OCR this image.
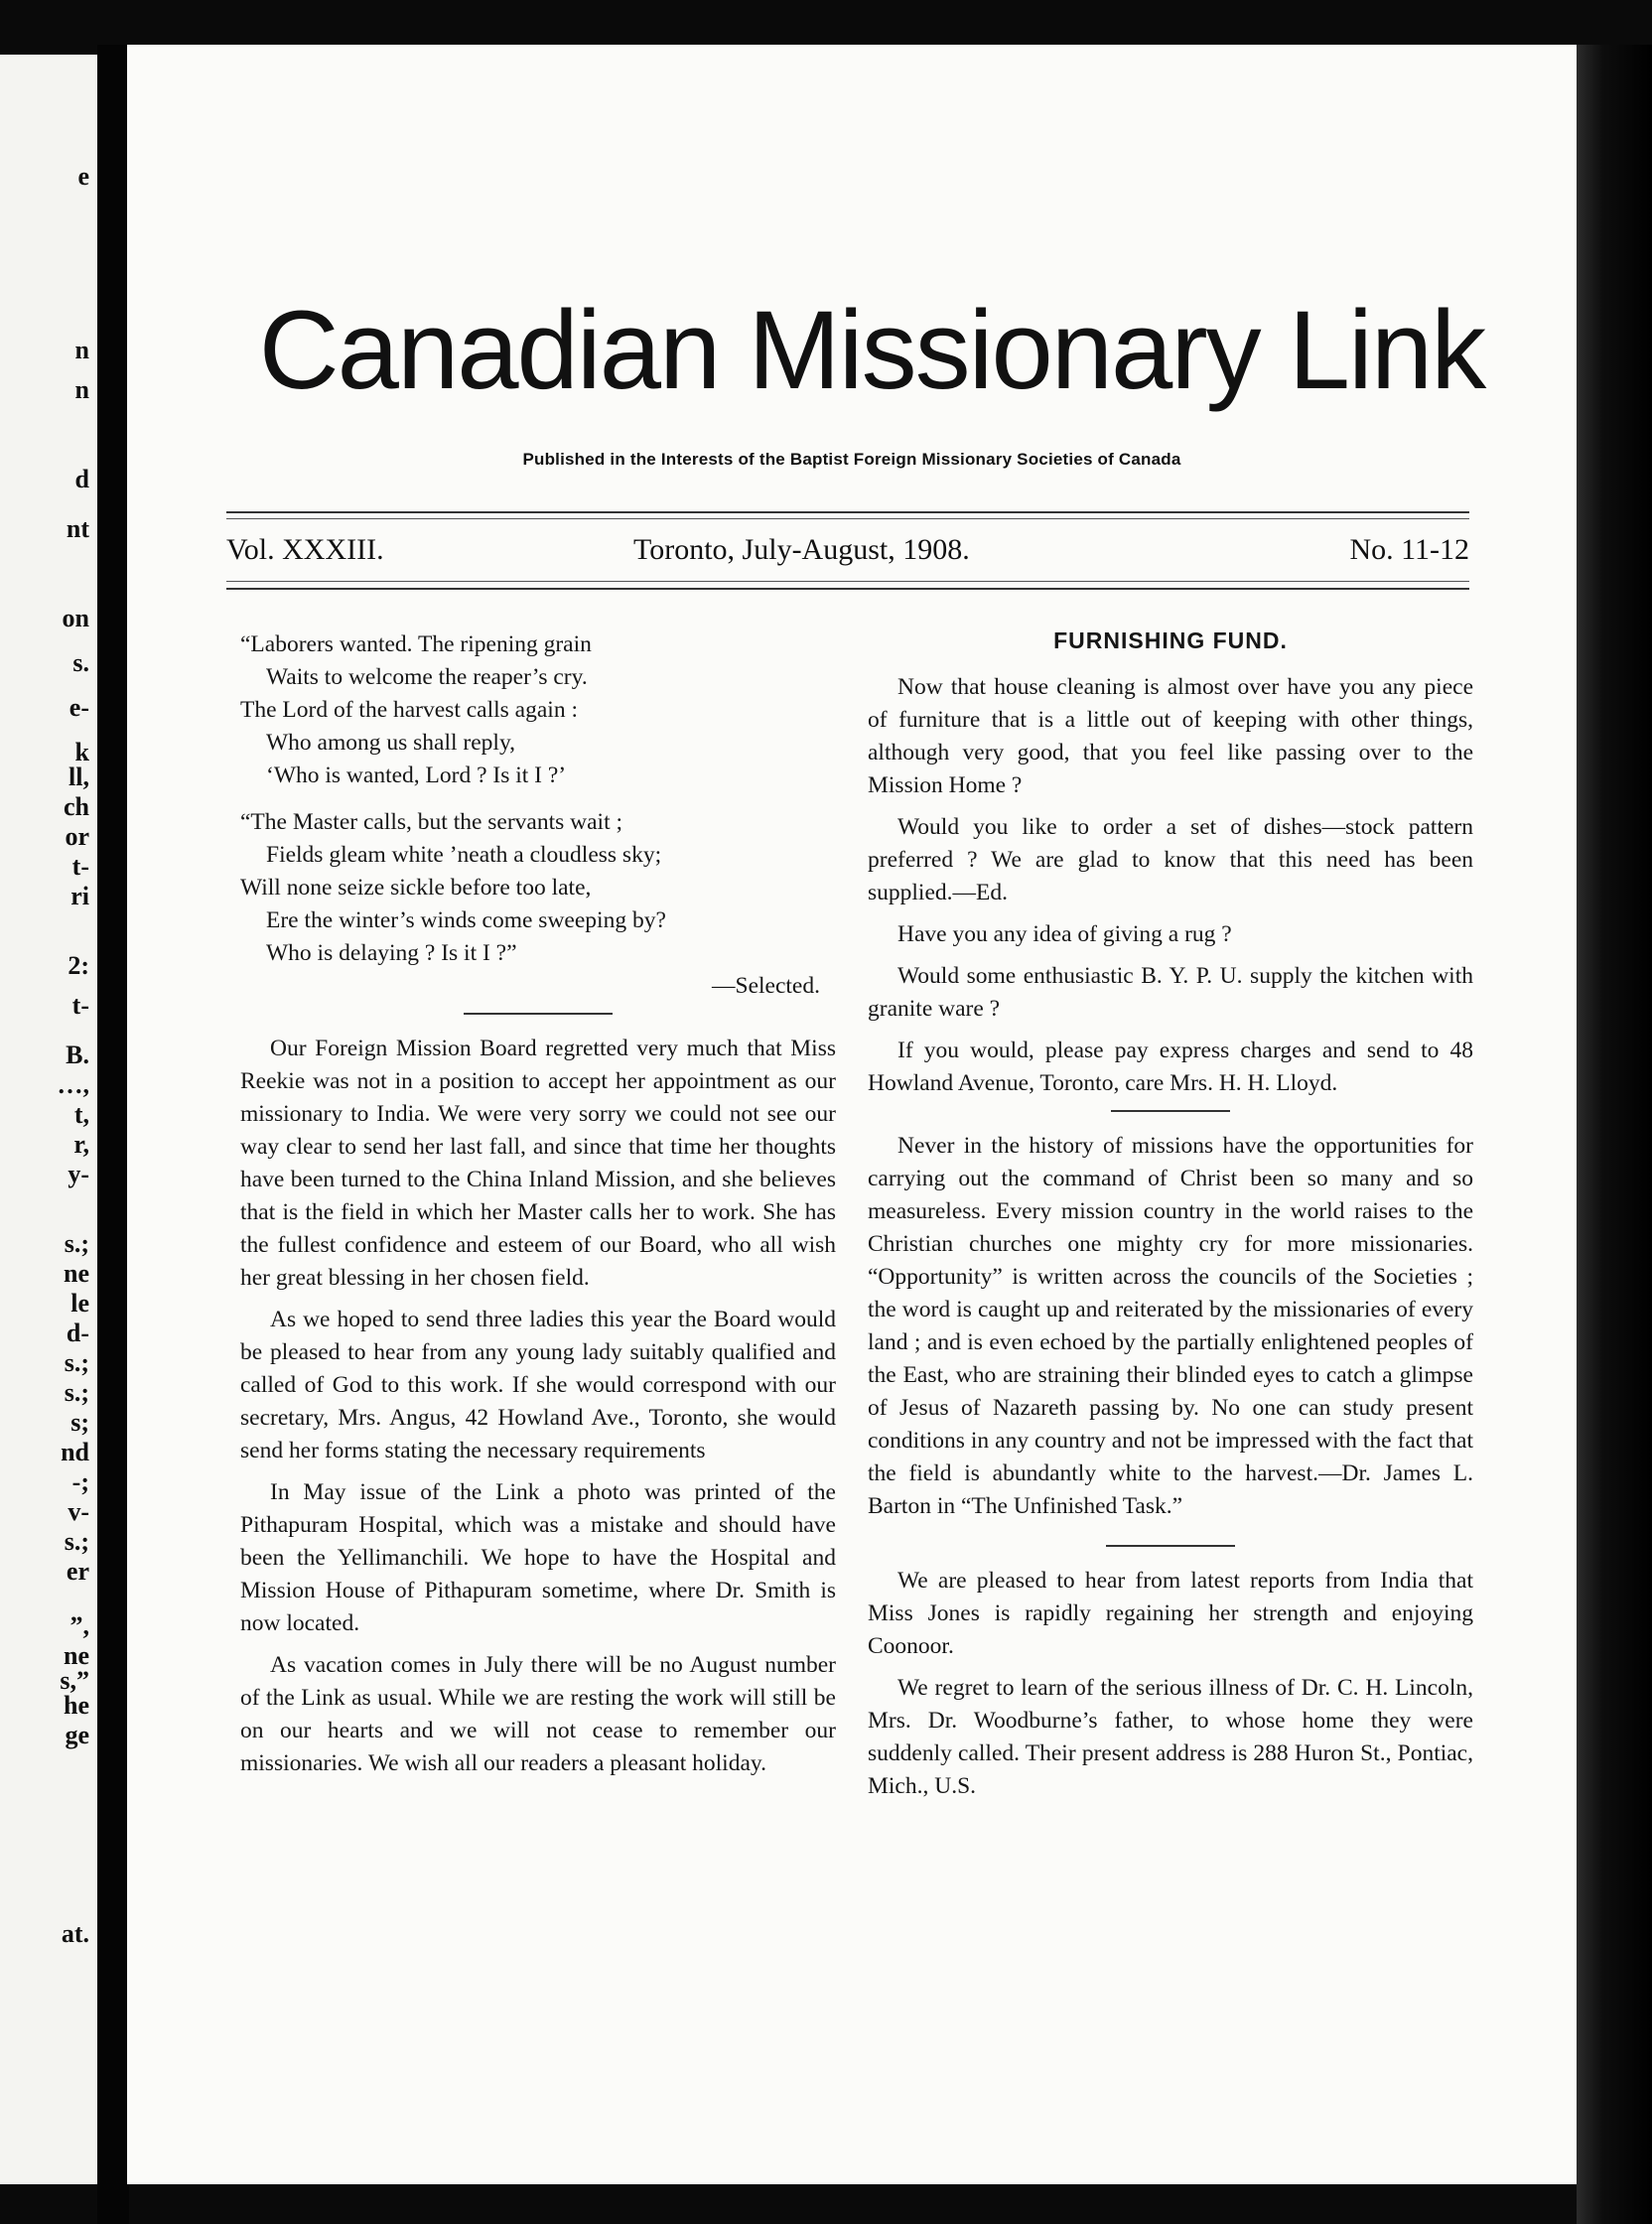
e
n
n
d
nt
on
s.
e-
k
ll,
ch
or
t-
ri
2:
t-
B.
…,
t,
r,
y-
s.;
ne
le
d-
s.;
s.;
s;
nd
-;
v-
s.;
er
”,
ne
s,”
he
ge
at.
Canadian Missionary Link
Published in the Interests of the Baptist Foreign Missionary Societies of Canada
Vol. XXXIII.	Toronto, July-August, 1908.	No. 11-12
“Laborers wanted. The ripening grain
Waits to welcome the reaper’s cry.
The Lord of the harvest calls again :
Who among us shall reply,
‘Who is wanted, Lord ? Is it I ?’
“The Master calls, but the servants wait ;
Fields gleam white ’neath a cloudless sky;
Will none seize sickle before too late,
Ere the winter’s winds come sweeping by?
Who is delaying ? Is it I ?”
—Selected.

Our Foreign Mission Board regretted very much that Miss Reekie was not in a position to accept her appointment as our missionary to India. We were very sorry we could not see our way clear to send her last fall, and since that time her thoughts have been turned to the China Inland Mission, and she believes that is the field in which her Master calls her to work. She has the fullest confidence and esteem of our Board, who all wish her great blessing in her chosen field.

As we hoped to send three ladies this year the Board would be pleased to hear from any young lady suitably qualified and called of God to this work. If she would correspond with our secretary, Mrs. Angus, 42 Howland Ave., Toronto, she would send her forms stating the necessary requirements

In May issue of the Link a photo was printed of the Pithapuram Hospital, which was a mistake and should have been the Yellimanchili. We hope to have the Hospital and Mission House of Pithapuram sometime, where Dr. Smith is now located.

As vacation comes in July there will be no August number of the Link as usual. While we are resting the work will still be on our hearts and we will not cease to remember our missionaries. We wish all our readers a pleasant holiday.

FURNISHING FUND.

Now that house cleaning is almost over have you any piece of furniture that is a little out of keeping with other things, although very good, that you feel like passing over to the Mission Home ?

Would you like to order a set of dishes—stock pattern preferred ? We are glad to know that this need has been supplied.—Ed.

Have you any idea of giving a rug ?

Would some enthusiastic B. Y. P. U. supply the kitchen with granite ware ?

If you would, please pay express charges and send to 48 Howland Avenue, Toronto, care Mrs. H. H. Lloyd.

Never in the history of missions have the opportunities for carrying out the command of Christ been so many and so measureless. Every mission country in the world raises to the Christian churches one mighty cry for more missionaries. “Opportunity” is written across the councils of the Societies ; the word is caught up and reiterated by the missionaries of every land ; and is even echoed by the partially enlightened peoples of the East, who are straining their blinded eyes to catch a glimpse of Jesus of Nazareth passing by. No one can study present conditions in any country and not be impressed with the fact that the field is abundantly white to the harvest.—Dr. James L. Barton in “The Unfinished Task.”

We are pleased to hear from latest reports from India that Miss Jones is rapidly regaining her strength and enjoying Coonoor.

We regret to learn of the serious illness of Dr. C. H. Lincoln, Mrs. Dr. Woodburne’s father, to whose home they were suddenly called. Their present address is 288 Huron St., Pontiac, Mich., U.S.
